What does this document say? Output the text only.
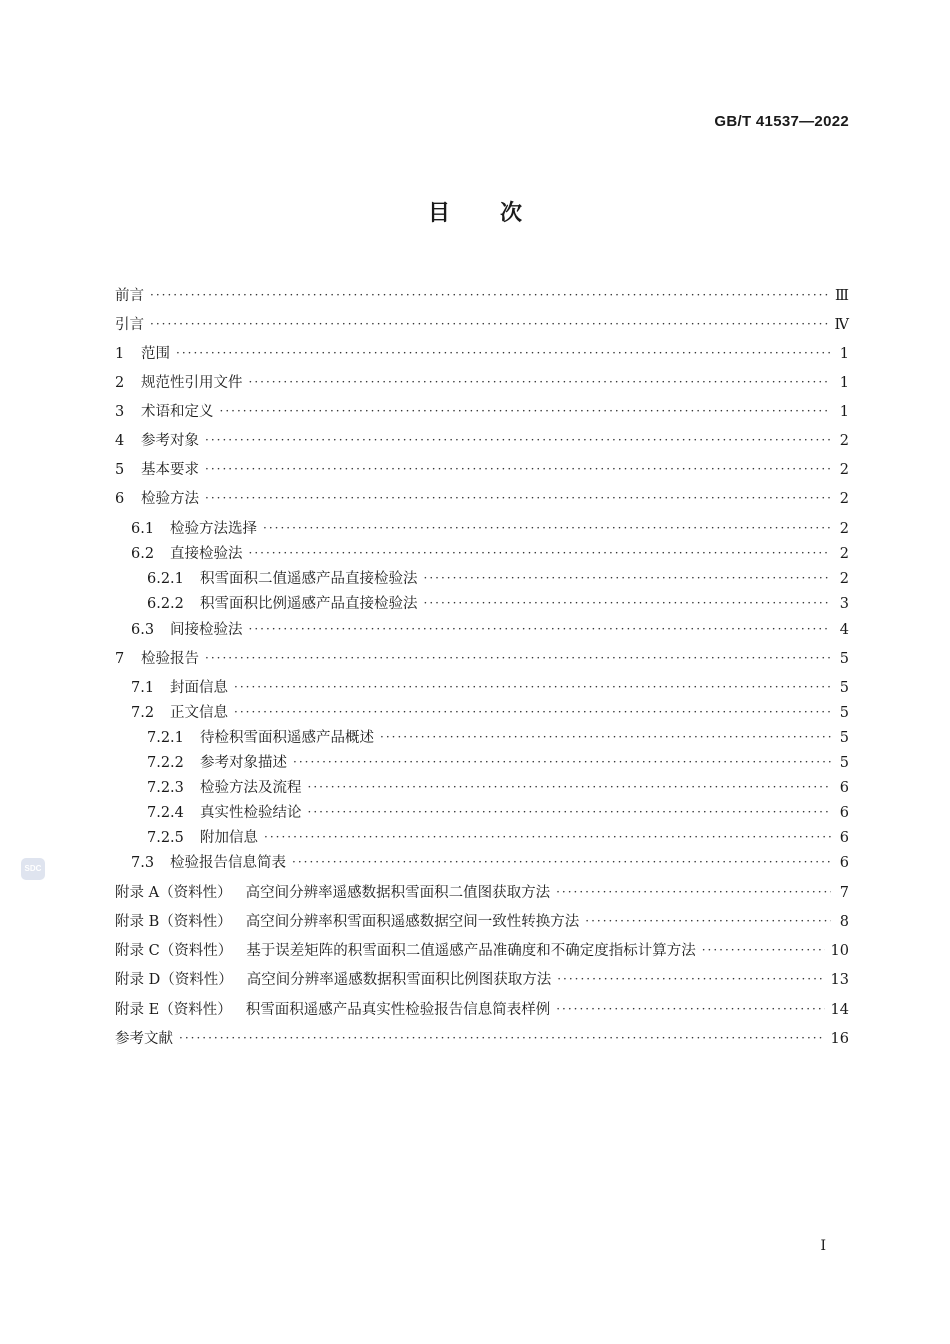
GB/T 41537—2022
目次
前言 ·····	Ⅲ
引言 ·····	Ⅳ
1	范围 ·····	1
2	规范性引用文件 ·····	1
3	术语和定义 ·····	1
4	参考对象 ·····	2
5	基本要求 ·····	2
6	检验方法 ·····	2
6.1	检验方法选择 ·····	2
6.2	直接检验法 ·····	2
6.2.1	积雪面积二值遥感产品直接检验法 ·····	2
6.2.2	积雪面积比例遥感产品直接检验法 ·····	3
6.3	间接检验法 ·····	4
7	检验报告 ·····	5
7.1	封面信息 ·····	5
7.2	正文信息 ·····	5
7.2.1	待检积雪面积遥感产品概述 ·····	5
7.2.2	参考对象描述 ·····	5
7.2.3	检验方法及流程 ·····	6
7.2.4	真实性检验结论 ·····	6
7.2.5	附加信息 ·····	6
7.3	检验报告信息简表 ·····	6
附录 A（资料性） 高空间分辨率遥感数据积雪面积二值图获取方法 ·····	7
附录 B（资料性） 高空间分辨率积雪面积遥感数据空间一致性转换方法 ·····	8
附录 C（资料性） 基于误差矩阵的积雪面积二值遥感产品准确度和不确定度指标计算方法 ·····	10
附录 D（资料性） 高空间分辨率遥感数据积雪面积比例图获取方法 ·····	13
附录 E（资料性） 积雪面积遥感产品真实性检验报告信息简表样例 ·····	14
参考文献 ·····	16
SDC
Ⅰ
